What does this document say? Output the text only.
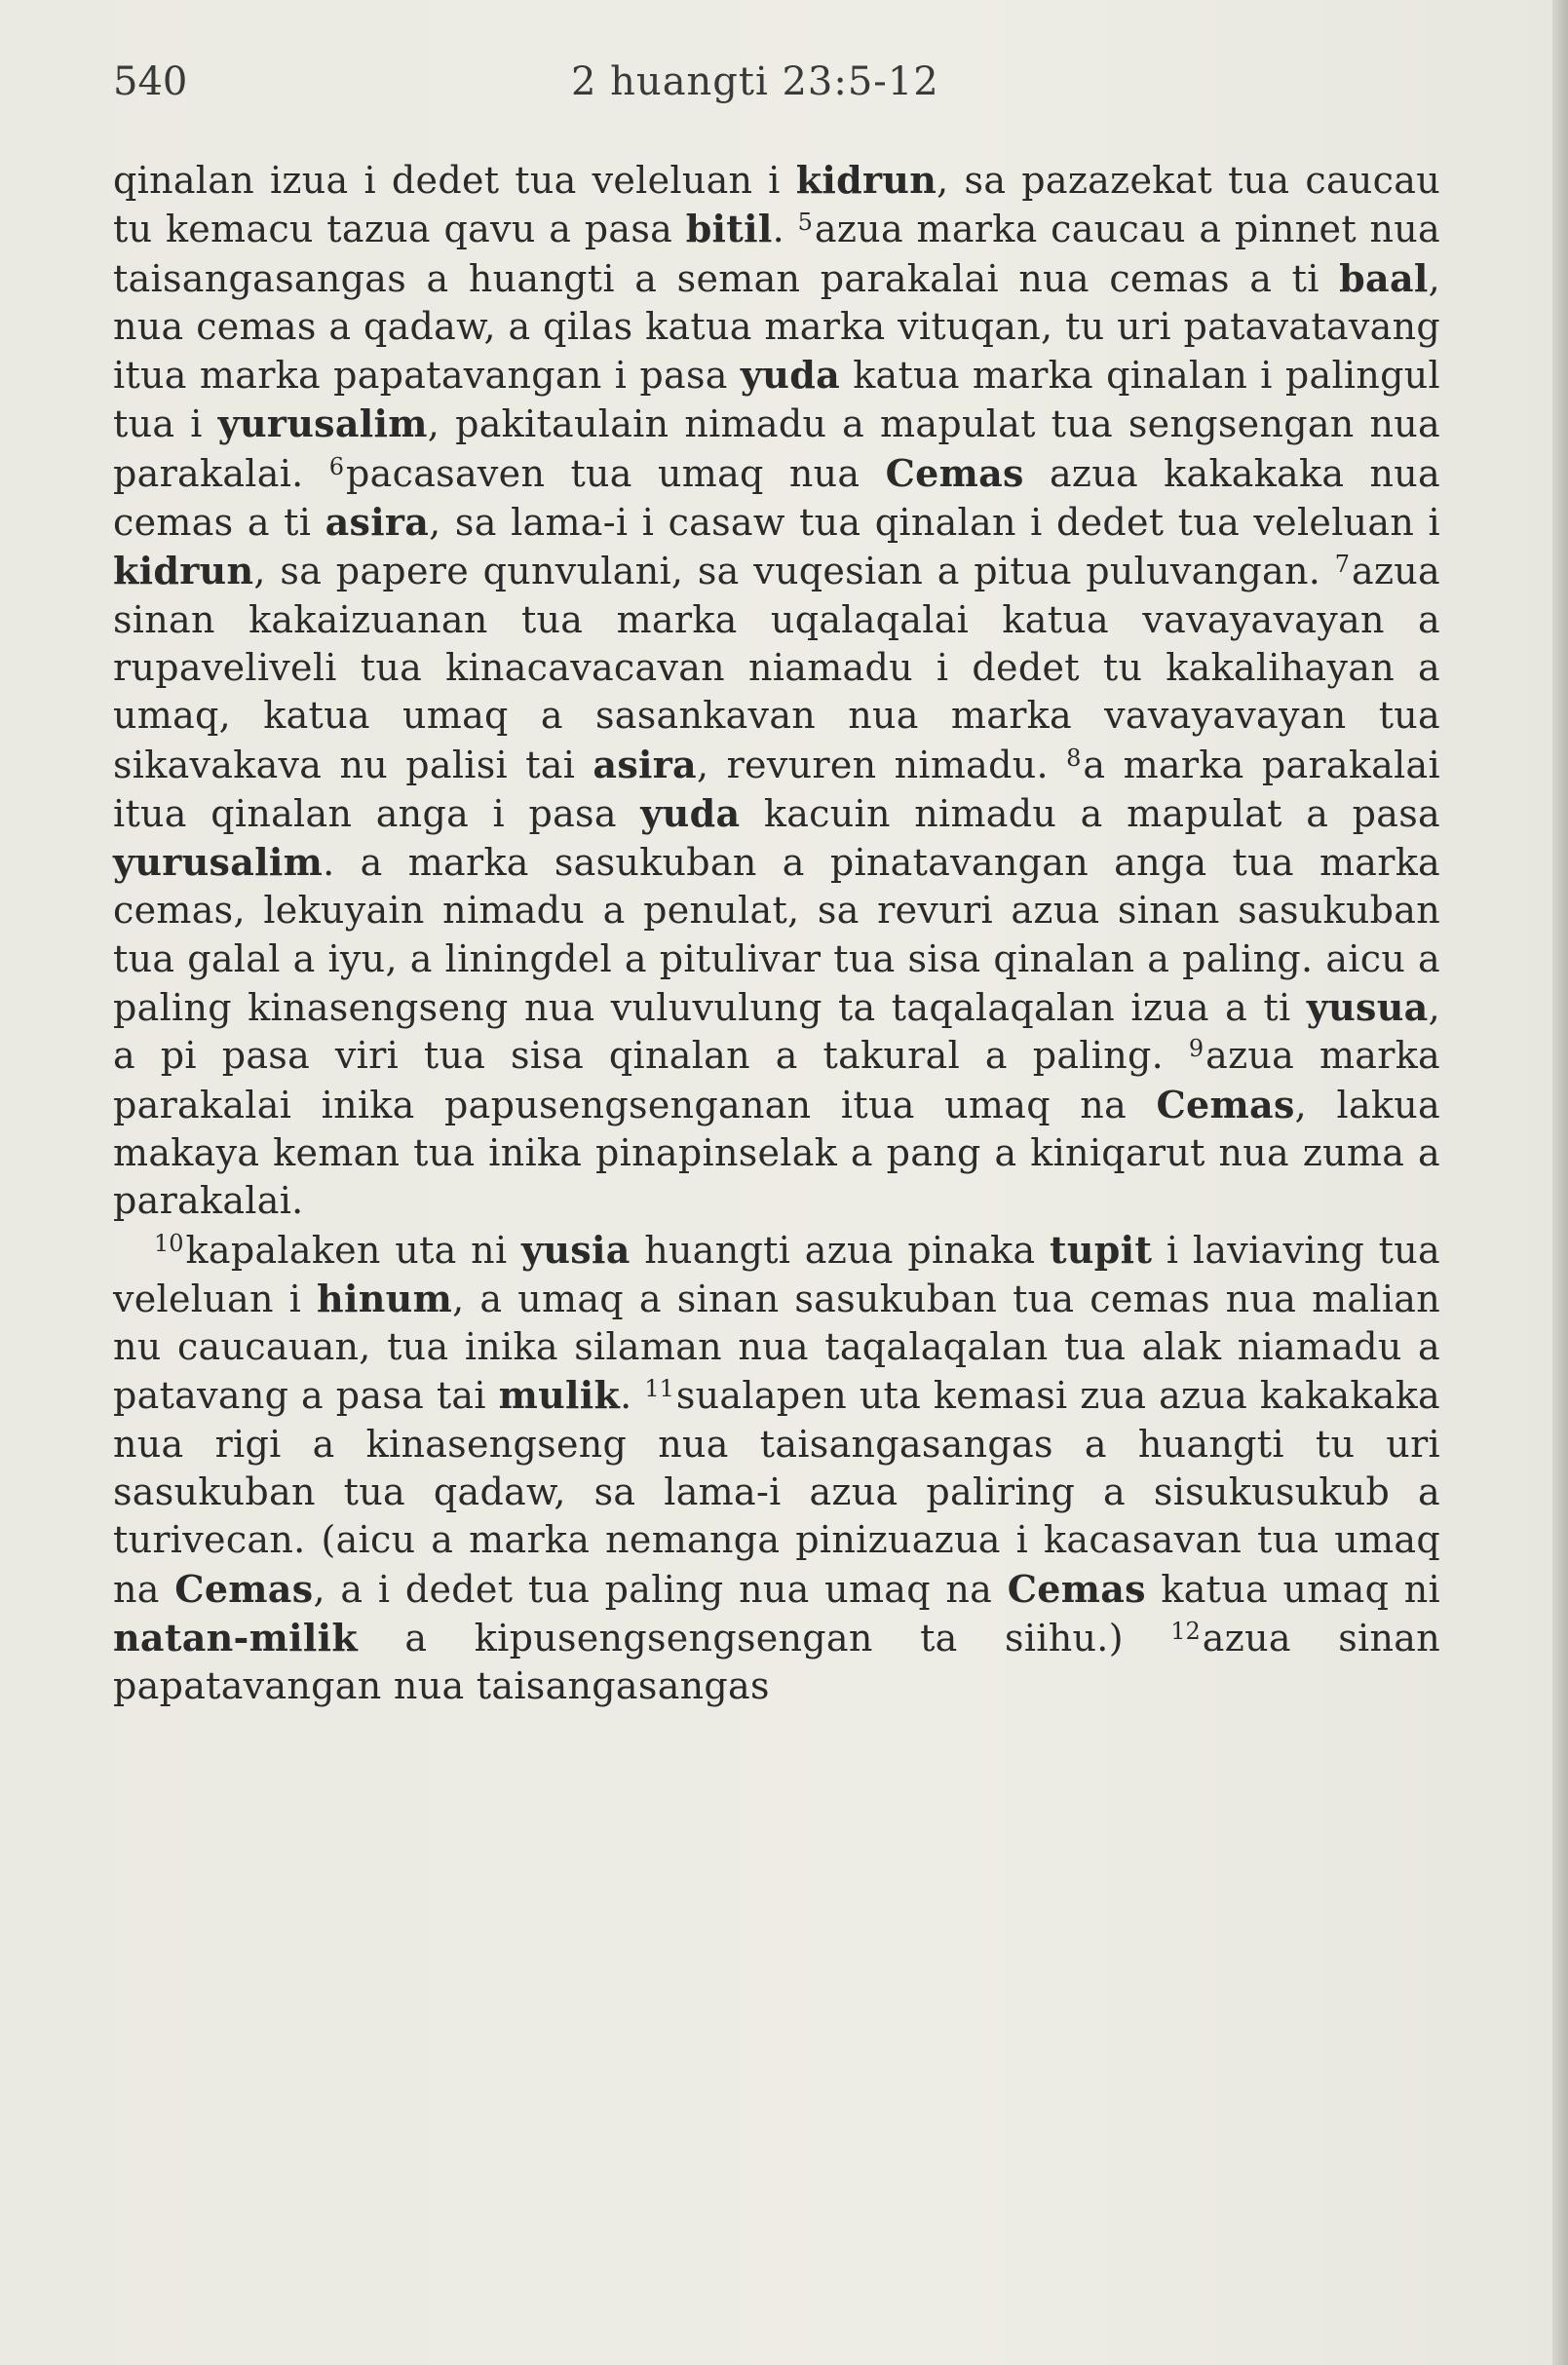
540	2 huangti 23:5-12

qinalan izua i dedet tua veleluan i kidrun, sa pazazekat tua caucau tu kemacu tazua qavu a pasa bitil. $^5$azua marka caucau a pinnet nua taisangasangas a huangti a seman parakalai nua cemas a ti baal, nua cemas a qadaw, a qilas katua marka vituqan, tu uri patavatavang itua marka papatavangan i pasa yuda katua marka qinalan i palingul tua i yurusalim, pakitaulain nimadu a mapulat tua sengsengan nua parakalai. $^6$pacasaven tua umaq nua Cemas azua kakakaka nua cemas a ti asira, sa lama-i i casaw tua qinalan i dedet tua veleluan i kidrun, sa papere qunvulani, sa vuqesian a pitua puluvangan. $^7$azua sinan kakaizuanan tua marka uqalaqalai katua vavayavayan a rupaveliveli tua kinacavacavan niamadu i dedet tu kakalihayan a umaq, katua umaq a sasankavan nua marka vavayavayan tua sikavakava nu palisi tai asira, revuren nimadu. $^8$a marka parakalai itua qinalan anga i pasa yuda kacuin nimadu a mapulat a pasa yurusalim. a marka sasukuban a pinatavangan anga tua marka cemas, lekuyain nimadu a penulat, sa revuri azua sinan sasukuban tua galal a iyu, a liningdel a pitulivar tua sisa qinalan a paling. aicu a paling kinasengseng nua vuluvulung ta taqalaqalan izua a ti yusua, a pi pasa viri tua sisa qinalan a takural a paling. $^9$azua marka parakalai inika papusengsenganan itua umaq na Cemas, lakua makaya keman tua inika pinapinselak a pang a kiniqarut nua zuma a parakalai.

$^{10}$kapalaken uta ni yusia huangti azua pinaka tupit i laviaving tua veleluan i hinum, a umaq a sinan sasukuban tua cemas nua malian nu caucauan, tua inika silaman nua taqalaqalan tua alak niamadu a patavang a pasa tai mulik. $^{11}$sualapen uta kemasi zua azua kakakaka nua rigi a kinasengseng nua taisangasangas a huangti tu uri sasukuban tua qadaw, sa lama-i azua paliring a sisukusukub a turivecan. (aicu a marka nemanga pinizuazua i kacasavan tua umaq na Cemas, a i dedet tua paling nua umaq na Cemas katua umaq ni natan-milik a kipusengsengsengan ta siihu.) $^{12}$azua sinan papatavangan nua taisangasangas
